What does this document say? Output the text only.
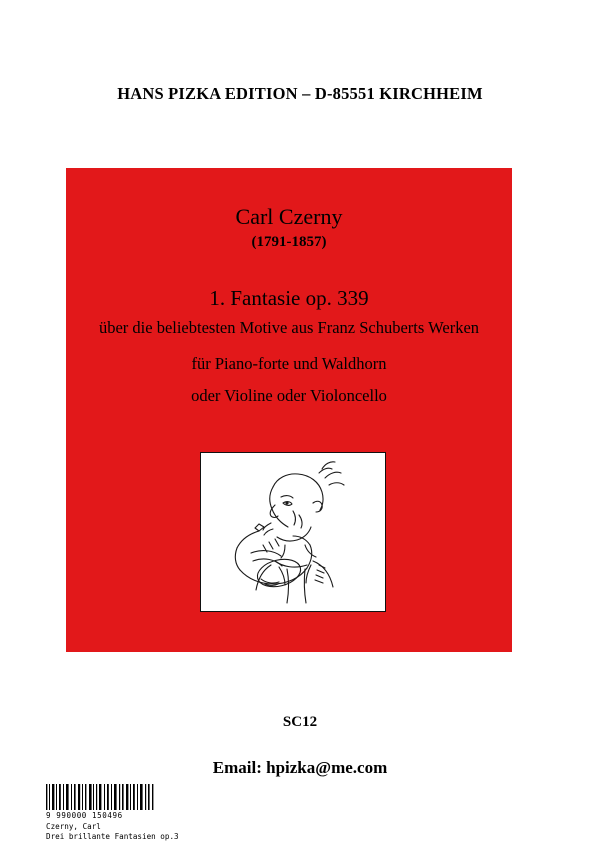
HANS PIZKA EDITION – D-85551 KIRCHHEIM
Carl Czerny
(1791-1857)
1. Fantasie op. 339
über die beliebtesten Motive aus Franz Schuberts Werken
für Piano-forte und Waldhorn
oder Violine oder Violoncello
SC12
Email: hpizka@me.com
9 990000 150496
Czerny, Carl
Drei brillante Fantasien op.3
